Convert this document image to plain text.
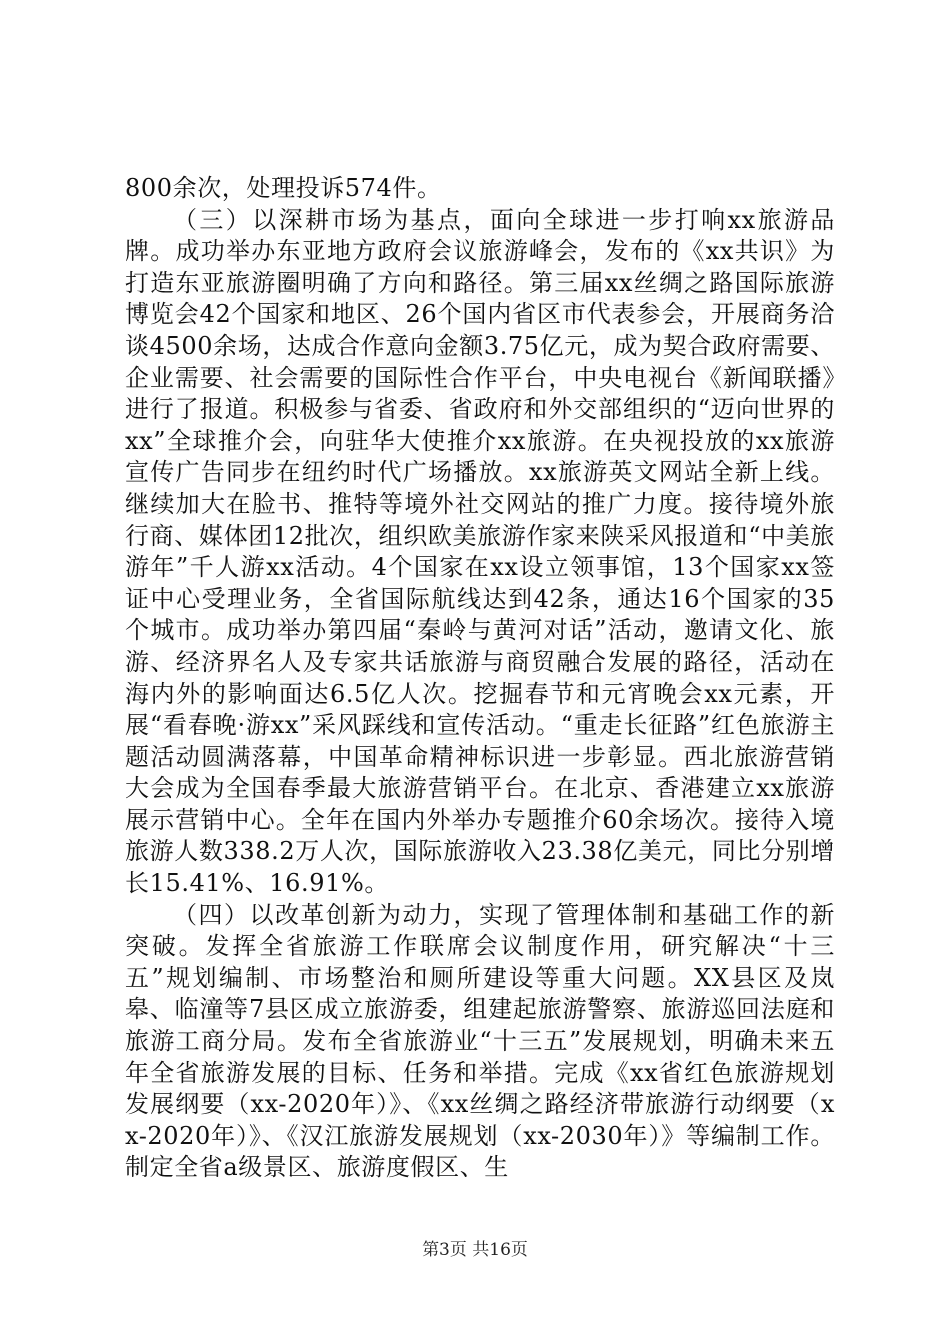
800余次，处理投诉574件。

（三）以深耕市场为基点，面向全球进一步打响xx旅游品牌。成功举办东亚地方政府会议旅游峰会，发布的《xx共识》为打造东亚旅游圈明确了方向和路径。第三届xx丝绸之路国际旅游博览会42个国家和地区、26个国内省区市代表参会，开展商务洽谈4500余场，达成合作意向金额3.75亿元，成为契合政府需要、企业需要、社会需要的国际性合作平台，中央电视台《新闻联播》进行了报道。积极参与省委、省政府和外交部组织的“迈向世界的xx”全球推介会，向驻华大使推介xx旅游。在央视投放的xx旅游宣传广告同步在纽约时代广场播放。xx旅游英文网站全新上线。继续加大在脸书、推特等境外社交网站的推广力度。接待境外旅行商、媒体团12批次，组织欧美旅游作家来陕采风报道和“中美旅游年”千人游xx活动。4个国家在xx设立领事馆，13个国家xx签证中心受理业务，全省国际航线达到42条，通达16个国家的35个城市。成功举办第四届“秦岭与黄河对话”活动，邀请文化、旅游、经济界名人及专家共话旅游与商贸融合发展的路径，活动在海内外的影响面达6.5亿人次。挖掘春节和元宵晚会xx元素，开展“看春晚·游xx”采风踩线和宣传活动。“重走长征路”红色旅游主题活动圆满落幕，中国革命精神标识进一步彰显。西北旅游营销大会成为全国春季最大旅游营销平台。在北京、香港建立xx旅游展示营销中心。全年在国内外举办专题推介60余场次。接待入境旅游人数338.2万人次，国际旅游收入23.38亿美元，同比分别增长15.41%、16.91%。

（四）以改革创新为动力，实现了管理体制和基础工作的新突破。发挥全省旅游工作联席会议制度作用，研究解决“十三五”规划编制、市场整治和厕所建设等重大问题。XX县区及岚皋、临潼等7县区成立旅游委，组建起旅游警察、旅游巡回法庭和旅游工商分局。发布全省旅游业“十三五”发展规划，明确未来五年全省旅游发展的目标、任务和举措。完成《xx省红色旅游规划发展纲要（xx-2020年）》、《xx丝绸之路经济带旅游行动纲要（xx-2020年）》、《汉江旅游发展规划（xx-2030年）》等编制工作。制定全省a级景区、旅游度假区、生

第3页 共16页
